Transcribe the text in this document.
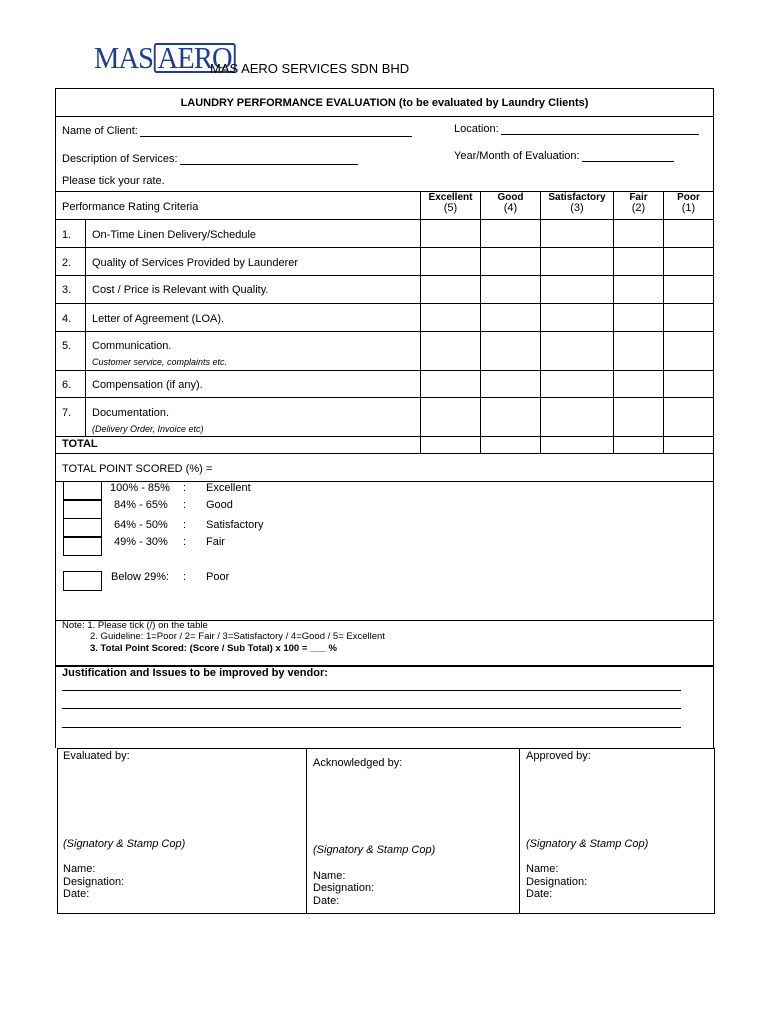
MAS AERO
MAS AERO SERVICES SDN BHD
LAUNDRY PERFORMANCE EVALUATION (to be evaluated by Laundry Clients)
Name of Client:	Location:
Description of Services:	Year/Month of Evaluation:
Please tick your rate.
Performance Rating Criteria
Excellent
(5)
Good
(4)
Satisfactory
(3)
Fair
(2)
Poor
(1)
1. On-Time Linen Delivery/Schedule
2. Quality of Services Provided by Launderer
3. Cost / Price is Relevant with Quality.
4. Letter of Agreement (LOA).
5. Communication.
Customer service, complaints etc.
6. Compensation (if any).
7. Documentation.
(Delivery Order, Invoice etc)
TOTAL
TOTAL POINT SCORED (%) =
100% - 85% : Excellent
84% - 65% : Good
64% - 50% : Satisfactory
49% - 30% : Fair
Below 29%: : Poor
Note: 1. Please tick (/) on the table
2. Guideline: 1=Poor / 2= Fair / 3=Satisfactory / 4=Good / 5= Excellent
3. Total Point Scored: (Score / Sub Total) x 100 = ___ %
Justification and Issues to be improved by vendor:
Evaluated by:
(Signatory & Stamp Cop)
Name:
Designation:
Date:
Acknowledged by:
(Signatory & Stamp Cop)
Name:
Designation:
Date:
Approved by:
(Signatory & Stamp Cop)
Name:
Designation:
Date:
